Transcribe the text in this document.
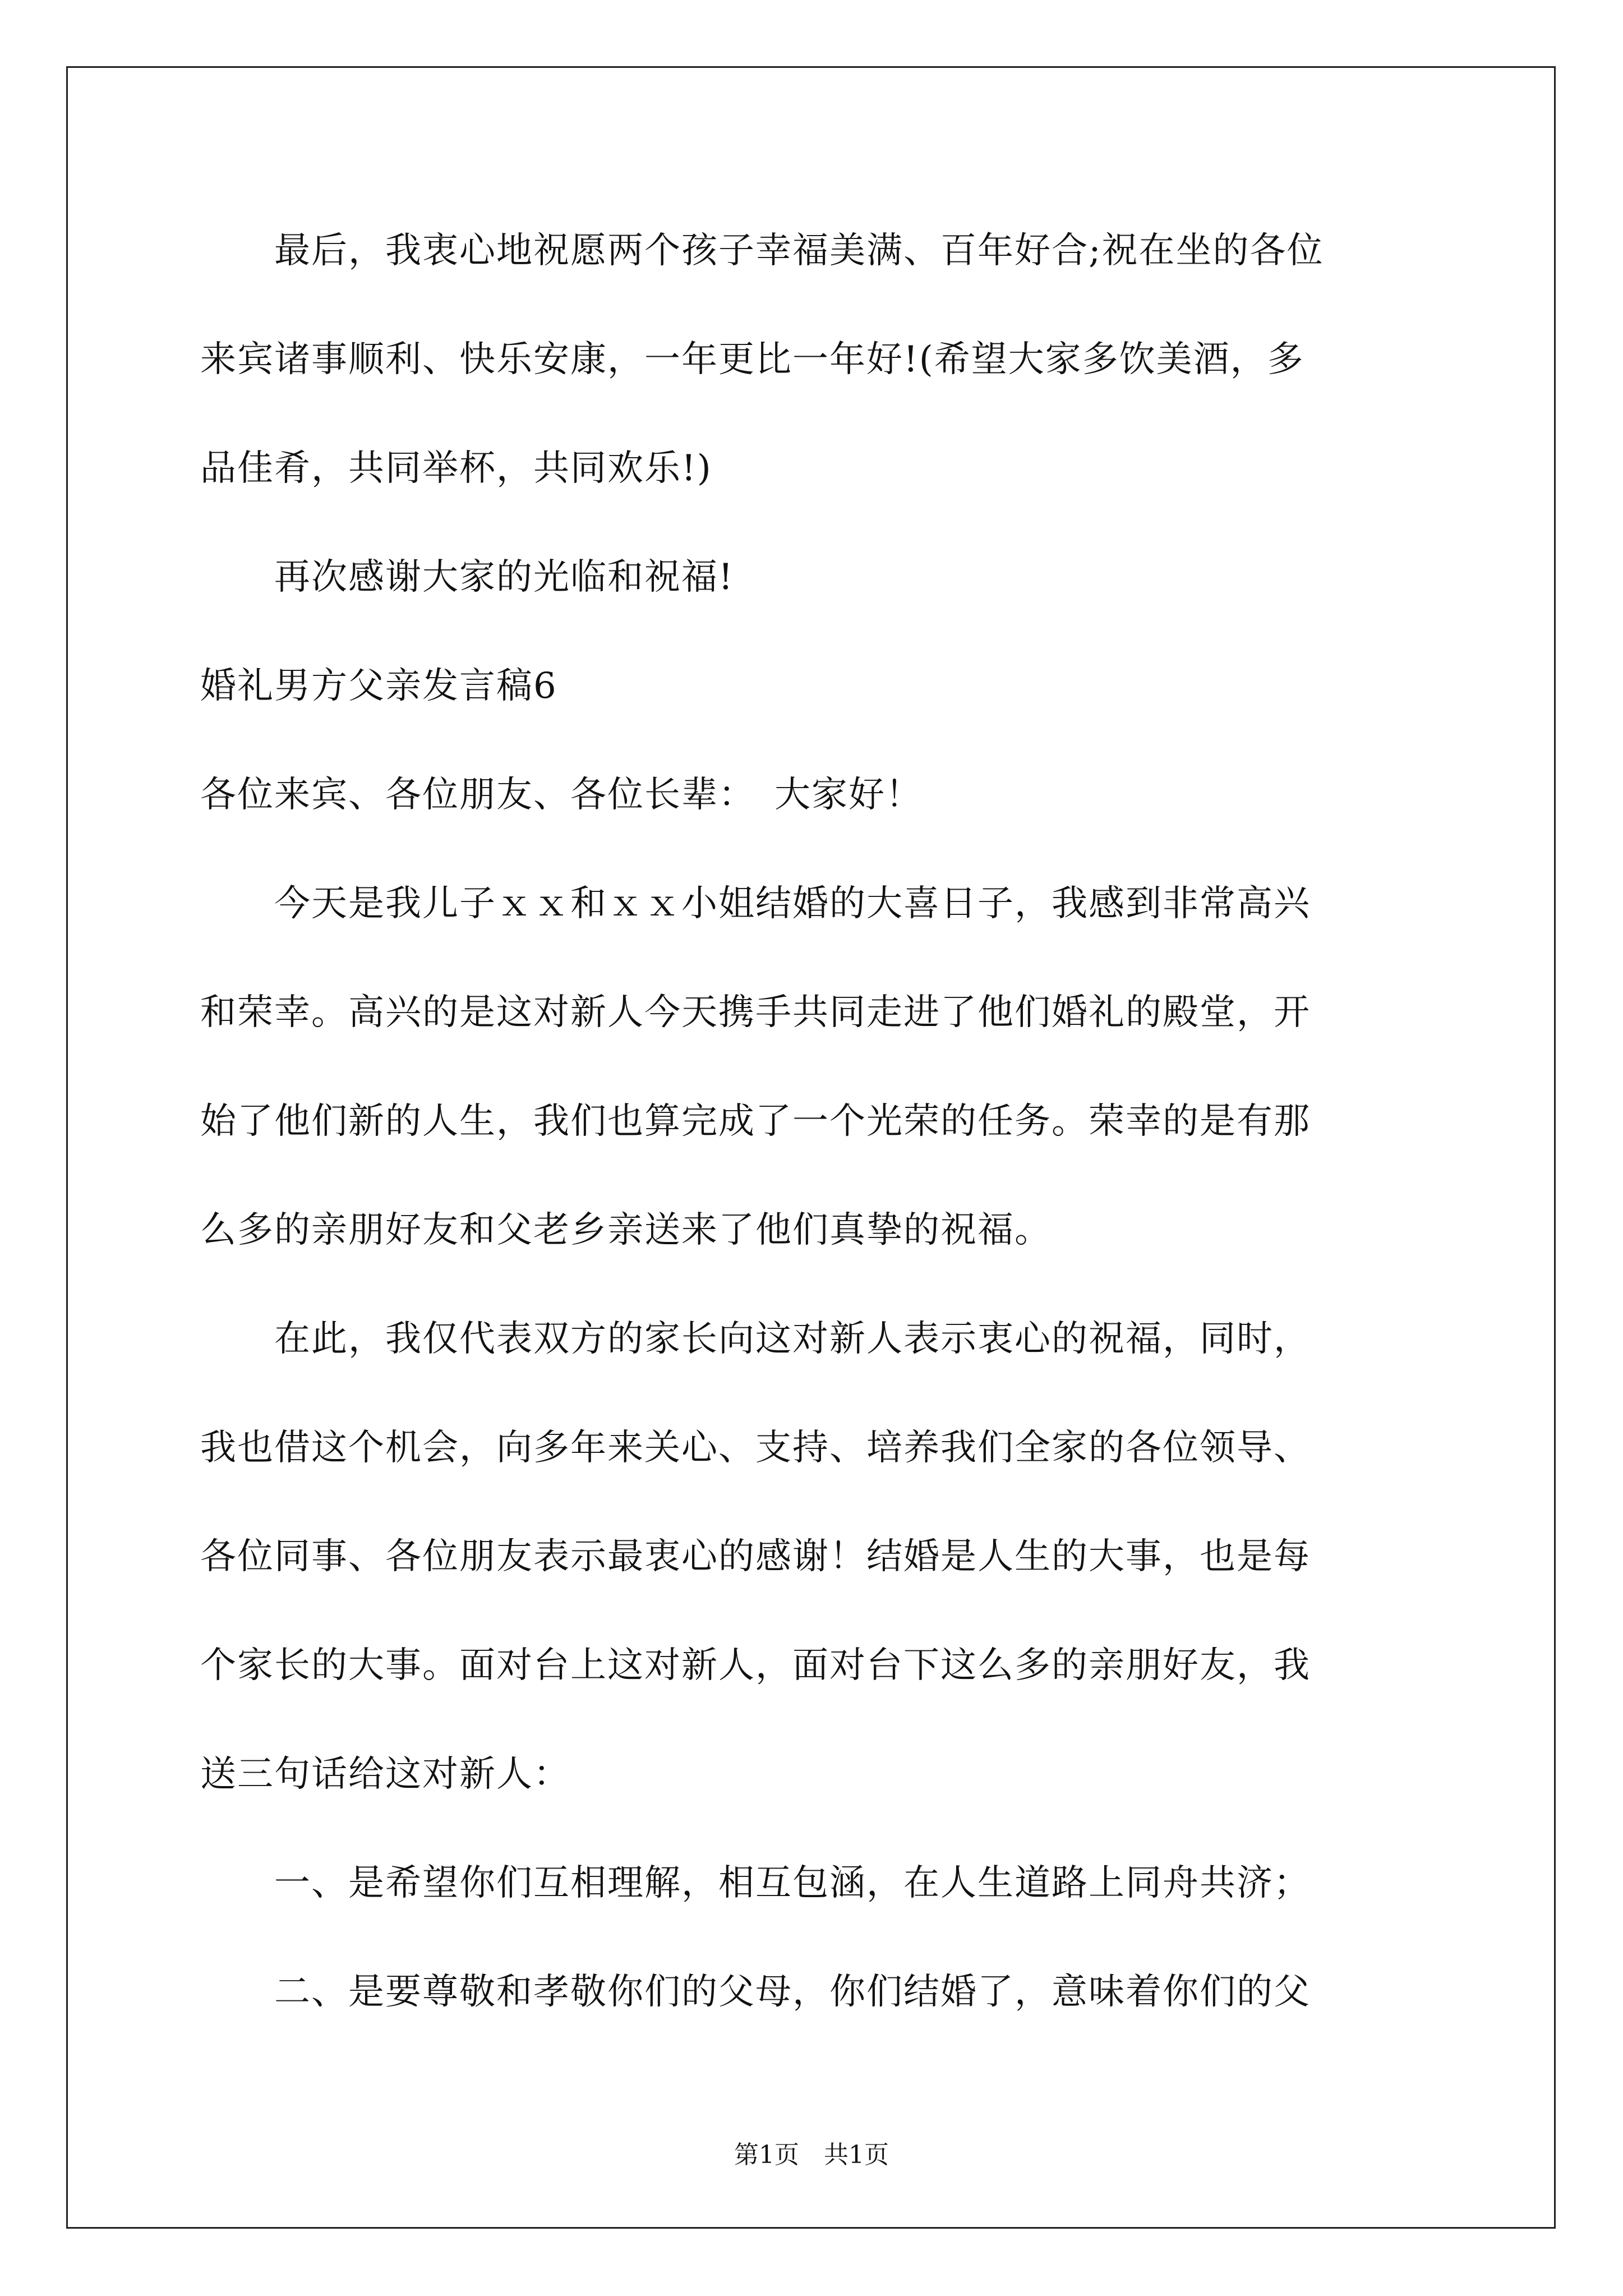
　　最后，我衷心地祝愿两个孩子幸福美满、百年好合;祝在坐的各位

来宾诸事顺利、快乐安康，一年更比一年好!(希望大家多饮美酒，多

品佳肴，共同举杯，共同欢乐!)

　　再次感谢大家的光临和祝福!

婚礼男方父亲发言稿6

各位来宾、各位朋友、各位长辈：　大家好！

　　今天是我儿子ｘｘ和ｘｘ小姐结婚的大喜日子，我感到非常高兴

和荣幸。高兴的是这对新人今天携手共同走进了他们婚礼的殿堂，开

始了他们新的人生，我们也算完成了一个光荣的任务。荣幸的是有那

么多的亲朋好友和父老乡亲送来了他们真挚的祝福。

　　在此，我仅代表双方的家长向这对新人表示衷心的祝福，同时，

我也借这个机会，向多年来关心、支持、培养我们全家的各位领导、

各位同事、各位朋友表示最衷心的感谢！结婚是人生的大事，也是每

个家长的大事。面对台上这对新人，面对台下这么多的亲朋好友，我

送三句话给这对新人：

　　一、是希望你们互相理解，相互包涵，在人生道路上同舟共济；

　　二、是要尊敬和孝敬你们的父母，你们结婚了，意味着你们的父

第1页　共1页
